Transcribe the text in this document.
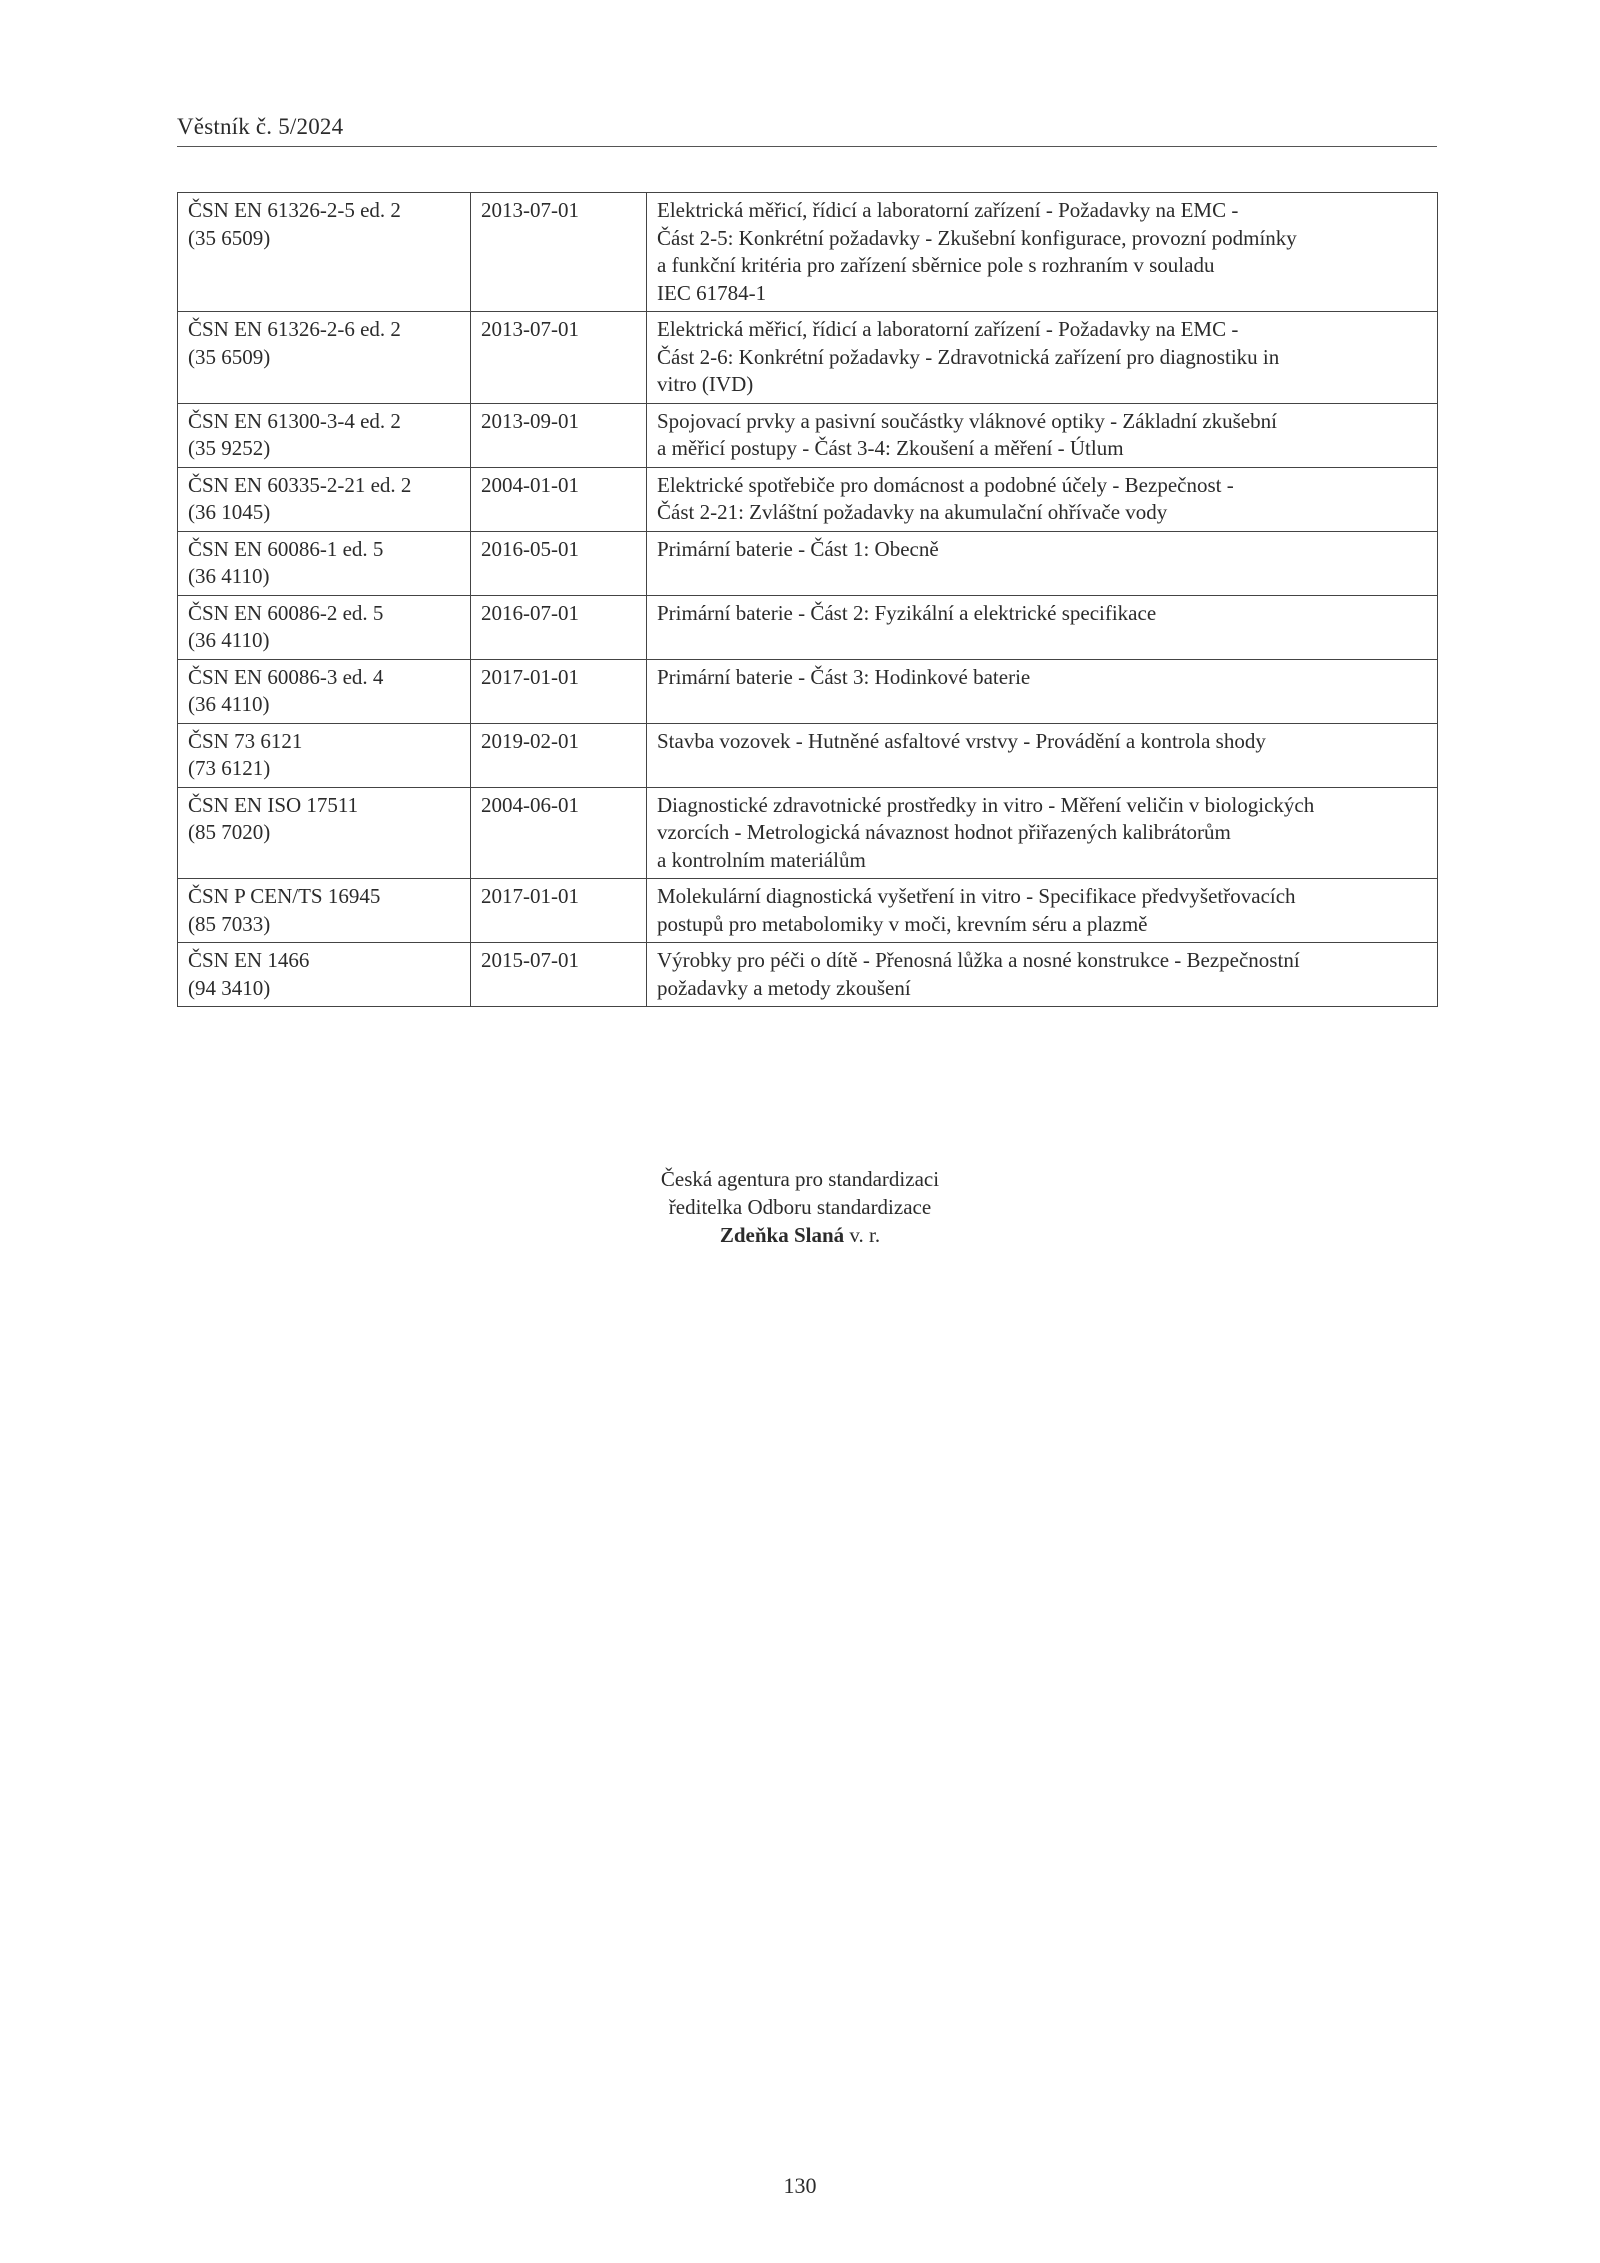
Věstník č. 5/2024
ČSN EN 61326-2-5 ed. 2
(35 6509)	2013-07-01	Elektrická měřicí, řídicí a laboratorní zařízení - Požadavky na EMC -
Část 2-5: Konkrétní požadavky - Zkušební konfigurace, provozní podmínky
a funkční kritéria pro zařízení sběrnice pole s rozhraním v souladu
IEC 61784-1

ČSN EN 61326-2-6 ed. 2
(35 6509)	2013-07-01	Elektrická měřicí, řídicí a laboratorní zařízení - Požadavky na EMC -
Část 2-6: Konkrétní požadavky - Zdravotnická zařízení pro diagnostiku in
vitro (IVD)

ČSN EN 61300-3-4 ed. 2
(35 9252)	2013-09-01	Spojovací prvky a pasivní součástky vláknové optiky - Základní zkušební
a měřicí postupy - Část 3-4: Zkoušení a měření - Útlum

ČSN EN 60335-2-21 ed. 2
(36 1045)	2004-01-01	Elektrické spotřebiče pro domácnost a podobné účely - Bezpečnost -
Část 2-21: Zvláštní požadavky na akumulační ohřívače vody

ČSN EN 60086-1 ed. 5
(36 4110)	2016-05-01	Primární baterie - Část 1: Obecně

ČSN EN 60086-2 ed. 5
(36 4110)	2016-07-01	Primární baterie - Část 2: Fyzikální a elektrické specifikace

ČSN EN 60086-3 ed. 4
(36 4110)	2017-01-01	Primární baterie - Část 3: Hodinkové baterie

ČSN 73 6121
(73 6121)	2019-02-01	Stavba vozovek - Hutněné asfaltové vrstvy - Provádění a kontrola shody

ČSN EN ISO 17511
(85 7020)	2004-06-01	Diagnostické zdravotnické prostředky in vitro - Měření veličin v biologických
vzorcích - Metrologická návaznost hodnot přiřazených kalibrátorům
a kontrolním materiálům

ČSN P CEN/TS 16945
(85 7033)	2017-01-01	Molekulární diagnostická vyšetření in vitro - Specifikace předvyšetřovacích
postupů pro metabolomiky v moči, krevním séru a plazmě

ČSN EN 1466
(94 3410)	2015-07-01	Výrobky pro péči o dítě - Přenosná lůžka a nosné konstrukce - Bezpečnostní
požadavky a metody zkoušení
Česká agentura pro standardizaci
ředitelka Odboru standardizace
Zdeňka Slaná v. r.
130
